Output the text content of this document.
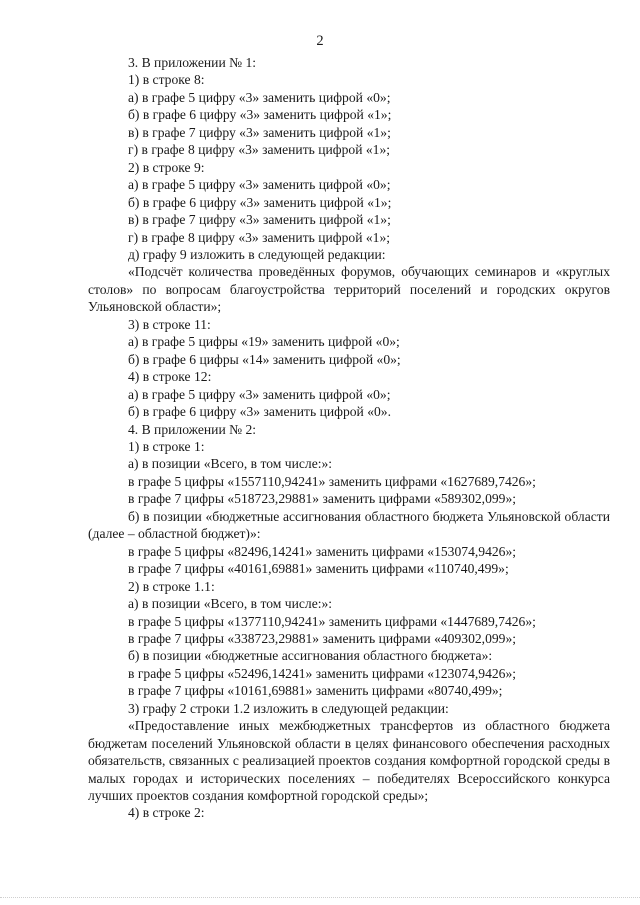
2

3. В приложении № 1:

1) в строке 8:

а) в графе 5 цифру «3» заменить цифрой «0»;

б) в графе 6 цифру «3» заменить цифрой «1»;

в) в графе 7 цифру «3» заменить цифрой «1»;

г) в графе 8 цифру «3» заменить цифрой «1»;

2) в строке 9:

а) в графе 5 цифру «3» заменить цифрой «0»;

б) в графе 6 цифру «3» заменить цифрой «1»;

в) в графе 7 цифру «3» заменить цифрой «1»;

г) в графе 8 цифру «3» заменить цифрой «1»;

д) графу 9 изложить в следующей редакции:

«Подсчёт количества проведённых форумов, обучающих семинаров и «круглых столов» по вопросам благоустройства территорий поселений и городских округов Ульяновской области»;

3) в строке 11:

а) в графе 5 цифры «19» заменить цифрой «0»;

б) в графе 6 цифры «14» заменить цифрой «0»;

4) в строке 12:

а) в графе 5 цифру «3» заменить цифрой «0»;

б) в графе 6 цифру «3» заменить цифрой «0».

4. В приложении № 2:

1) в строке 1:

а) в позиции «Всего, в том числе:»:

в графе 5 цифры «1557110,94241» заменить цифрами «1627689,7426»;

в графе 7 цифры «518723,29881» заменить цифрами «589302,099»;

б) в позиции «бюджетные ассигнования областного бюджета Ульяновской области (далее – областной бюджет)»:

в графе 5 цифры «82496,14241» заменить цифрами «153074,9426»;

в графе 7 цифры «40161,69881» заменить цифрами «110740,499»;

2) в строке 1.1:

а) в позиции «Всего, в том числе:»:

в графе 5 цифры «1377110,94241» заменить цифрами «1447689,7426»;

в графе 7 цифры «338723,29881» заменить цифрами «409302,099»;

б) в позиции «бюджетные ассигнования областного бюджета»:

в графе 5 цифры «52496,14241» заменить цифрами «123074,9426»;

в графе 7 цифры «10161,69881» заменить цифрами «80740,499»;

3) графу 2 строки 1.2 изложить в следующей редакции:

«Предоставление иных межбюджетных трансфертов из областного бюджета бюджетам поселений Ульяновской области в целях финансового обеспечения расходных обязательств, связанных с реализацией проектов создания комфортной городской среды в малых городах и исторических поселениях – победителях Всероссийского конкурса лучших проектов создания комфортной городской среды»;

4) в строке 2:
